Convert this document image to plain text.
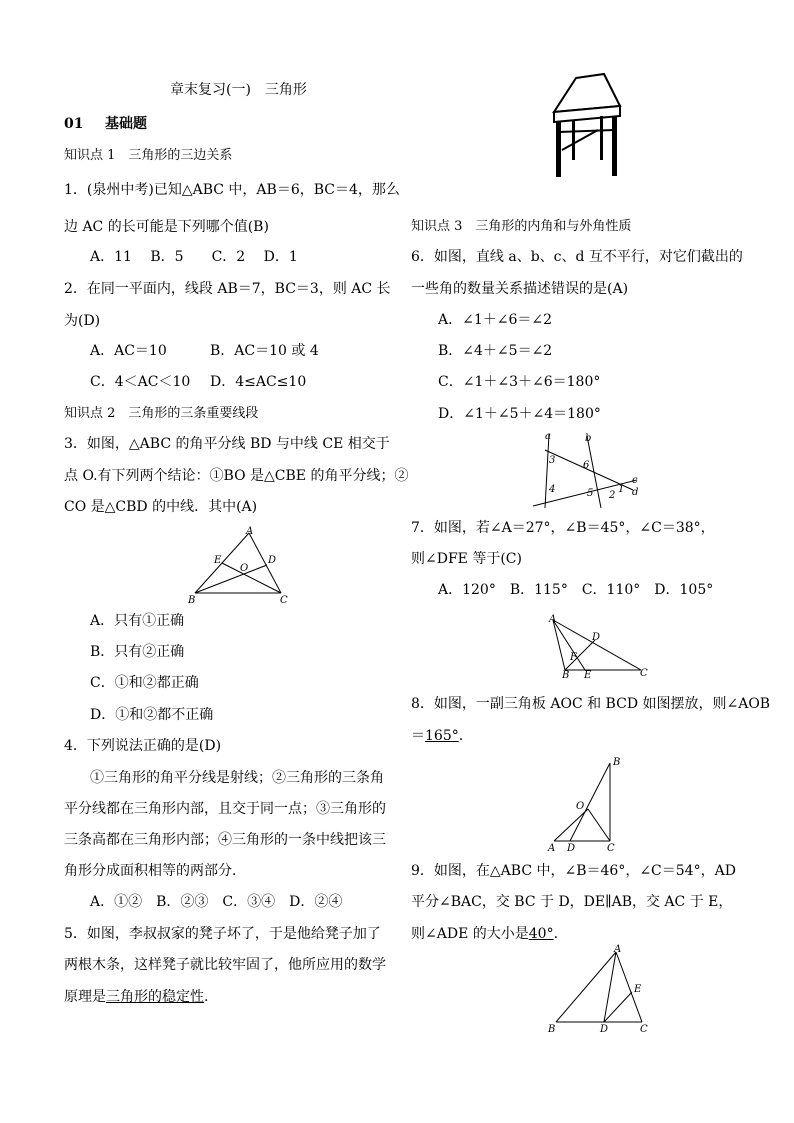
章末复习(一)　三角形
01 基础题
知识点 1　三角形的三边关系
1．(泉州中考)已知△ABC 中，AB＝6，BC＝4，那么
边 AC 的长可能是下列哪个值(B)
A．11　 B．5　　C．2　 D．1
2．在同一平面内，线段 AB＝7，BC＝3，则 AC 长
为(D)
A．AC＝10	B．AC＝10 或 4
C．4＜AC＜10 D．4≤AC≤10
知识点 2　三角形的三条重要线段
3．如图，△ABC 的角平分线 BD 与中线 CE 相交于
点 O.有下列两个结论：①BO 是△CBE 的角平分线；②
CO 是△CBD 的中线．其中(A)
A
E	D
O
B	C
A．只有①正确
B．只有②正确
C．①和②都正确
D．①和②都不正确
4．下列说法正确的是(D)
①三角形的角平分线是射线；②三角形的三条角
平分线都在三角形内部，且交于同一点；③三角形的
三条高都在三角形内部；④三角形的一条中线把该三
角形分成面积相等的两部分．
A．①②　B．②③　C．③④　D．②④
5．如图，李叔叔家的凳子坏了，于是他给凳子加了
两根木条，这样凳子就比较牢固了，他所应用的数学
原理是三角形的稳定性.
知识点 3　三角形的内角和与外角性质
6．如图，直线 a、b、c、d 互不平行，对它们截出的
一些角的数量关系描述错误的是(A)
A．∠1＋∠6＝∠2
B．∠4＋∠5＝∠2
C．∠1＋∠3＋∠6＝180°
D．∠1＋∠5＋∠4＝180°
a	b
c
d
3	6
4	5 1
2
7．如图，若∠A＝27°，∠B＝45°，∠C＝38°，
则∠DFE 等于(C)
A．120°　B．115°　C．110°　D．105°
A
D
F
B E	C
8．如图，一副三角板 AOC 和 BCD 如图摆放，则∠AOB
＝165°.
B
O
A D	C
9．如图，在△ABC 中，∠B＝46°，∠C＝54°，AD
平分∠BAC，交 BC 于 D，DE∥AB，交 AC 于 E，
则∠ADE 的大小是40°.
A
E
B	D	C
